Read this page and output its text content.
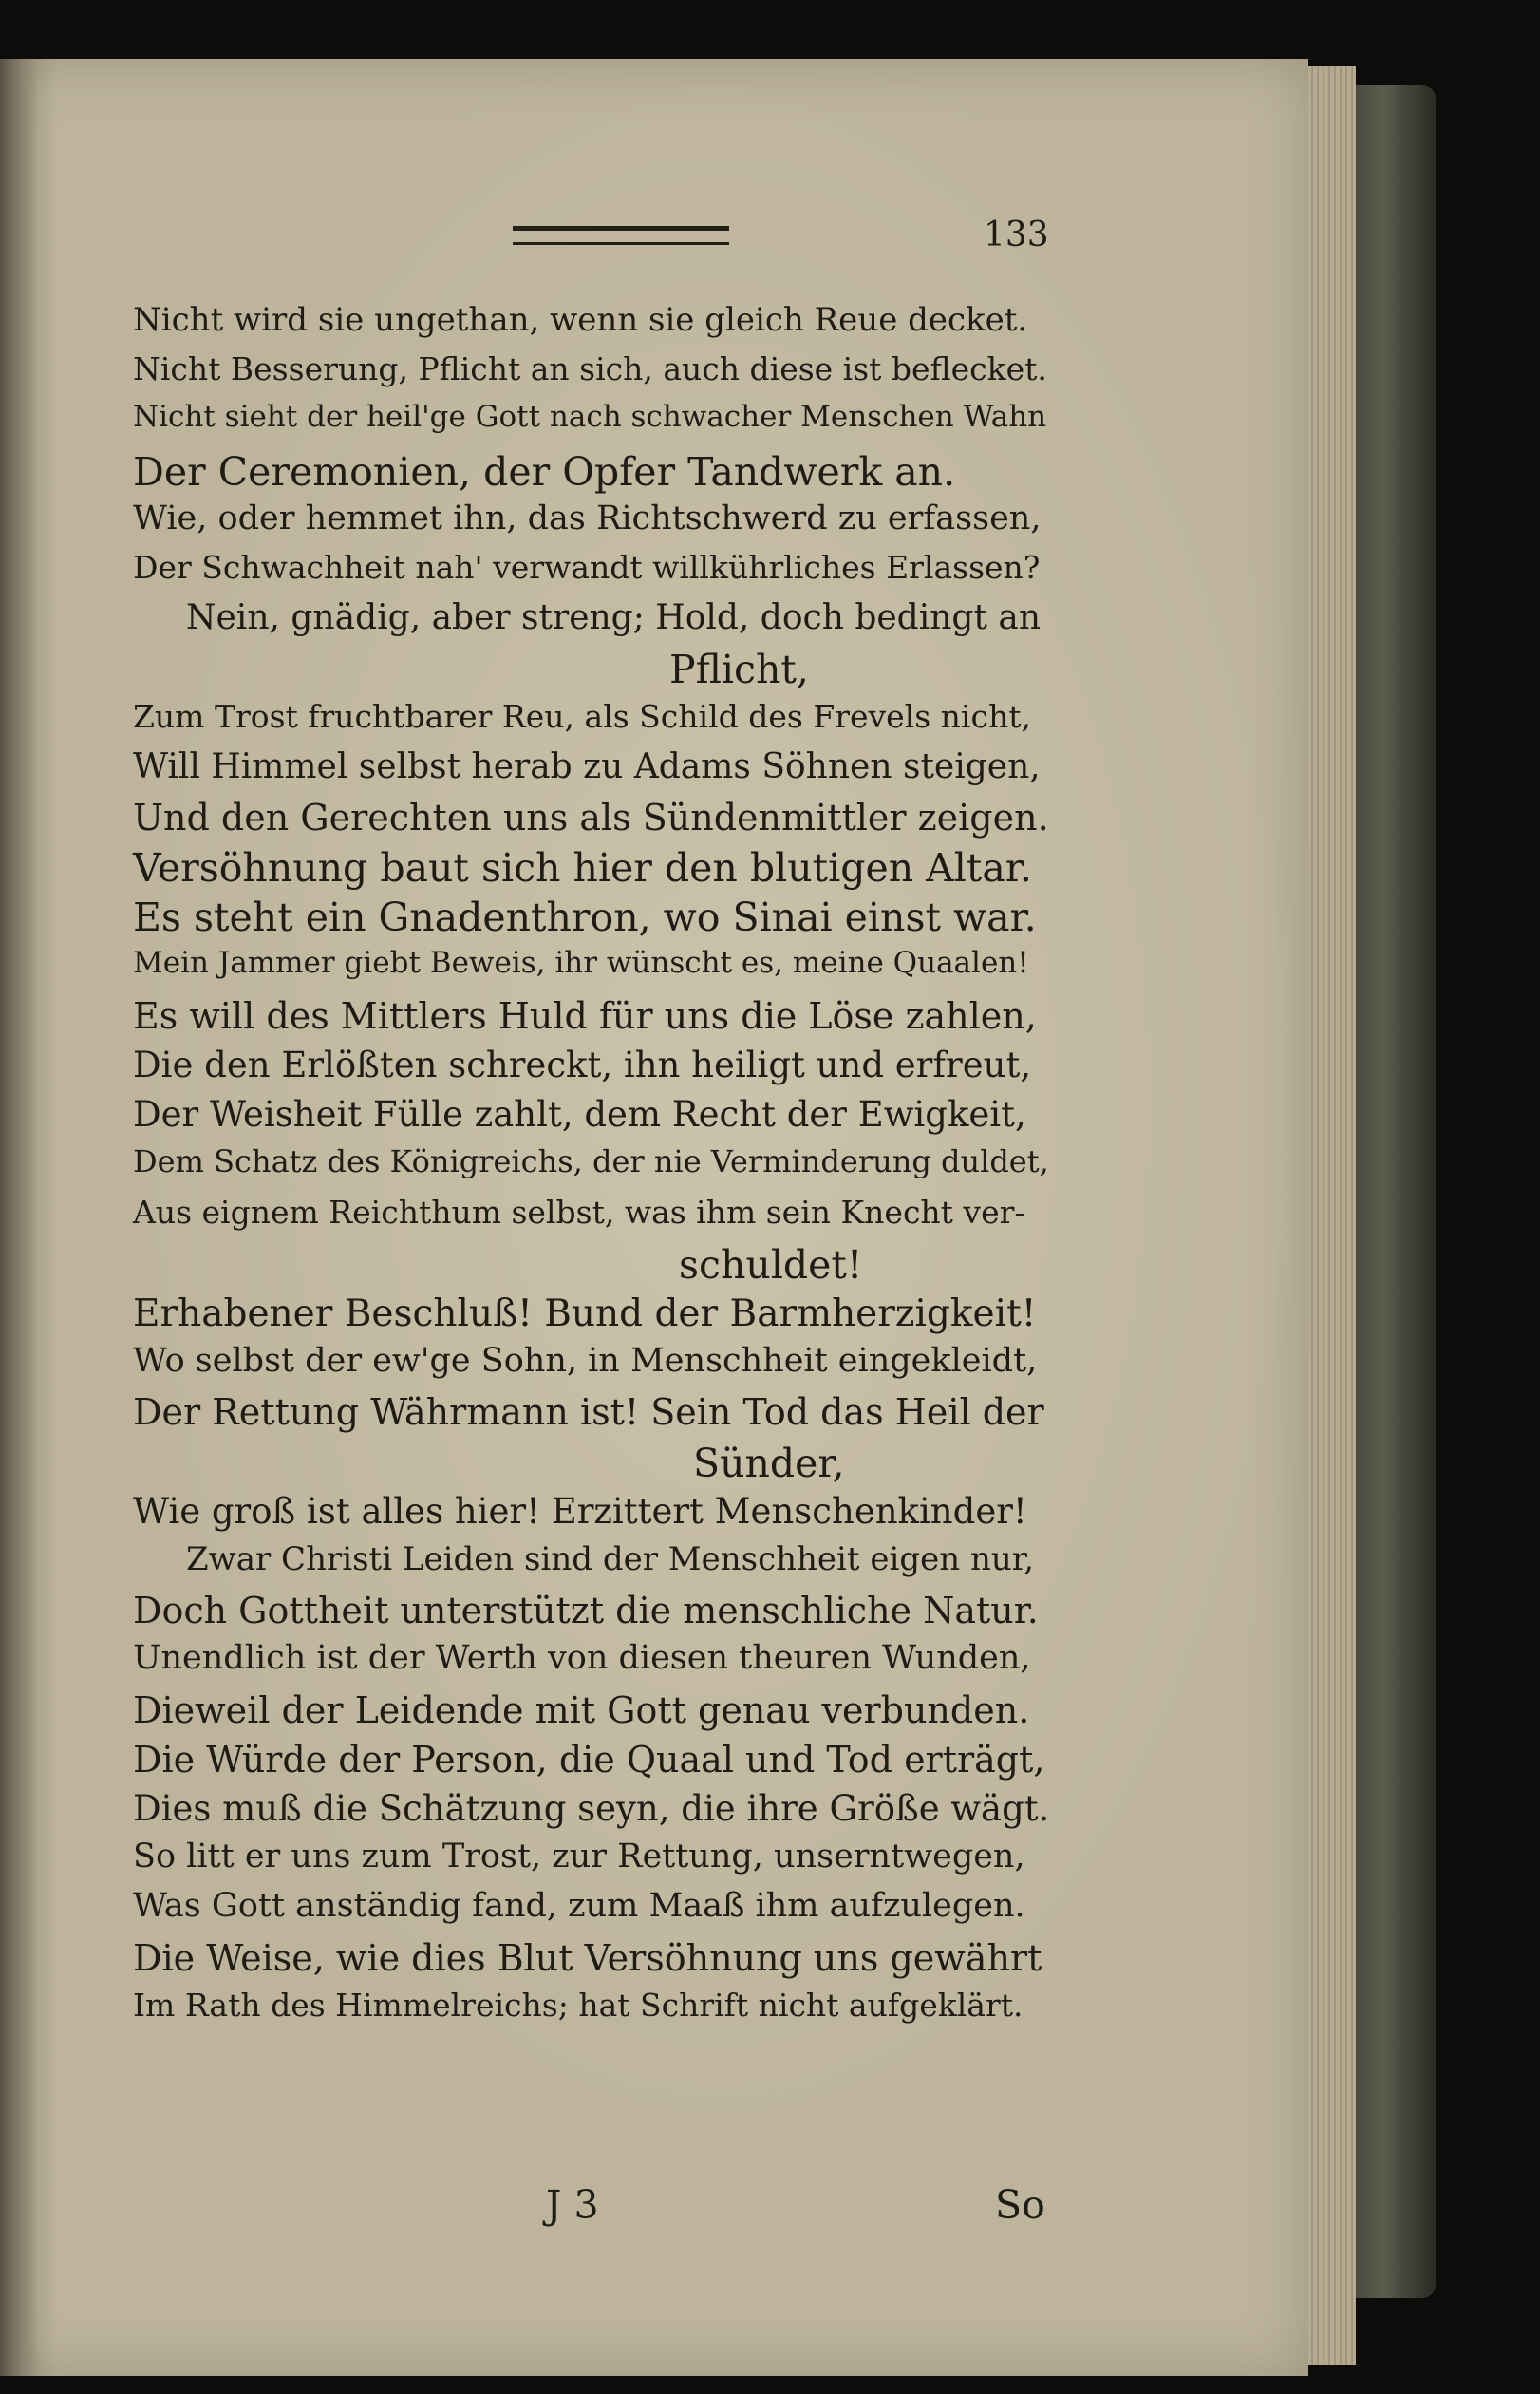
133
Nicht wird sie ungethan, wenn sie gleich Reue decket.
Nicht Besserung, Pflicht an sich, auch diese ist beflecket.
Nicht sieht der heil'ge Gott nach schwacher Menschen Wahn
Der Ceremonien, der Opfer Tandwerk an.
Wie, oder hemmet ihn, das Richtschwerd zu erfassen,
Der Schwachheit nah' verwandt willkührliches Erlassen?
Nein, gnädig, aber streng; Hold, doch bedingt an
Pflicht,
Zum Trost fruchtbarer Reu, als Schild des Frevels nicht,
Will Himmel selbst herab zu Adams Söhnen steigen,
Und den Gerechten uns als Sündenmittler zeigen.
Versöhnung baut sich hier den blutigen Altar.
Es steht ein Gnadenthron, wo Sinai einst war.
Mein Jammer giebt Beweis, ihr wünscht es, meine Quaalen!
Es will des Mittlers Huld für uns die Löse zahlen,
Die den Erlößten schreckt, ihn heiligt und erfreut,
Der Weisheit Fülle zahlt, dem Recht der Ewigkeit,
Dem Schatz des Königreichs, der nie Verminderung duldet,
Aus eignem Reichthum selbst, was ihm sein Knecht ver-
schuldet!
Erhabener Beschluß! Bund der Barmherzigkeit!
Wo selbst der ew'ge Sohn, in Menschheit eingekleidt,
Der Rettung Währmann ist! Sein Tod das Heil der
Sünder,
Wie groß ist alles hier! Erzittert Menschenkinder!
Zwar Christi Leiden sind der Menschheit eigen nur,
Doch Gottheit unterstützt die menschliche Natur.
Unendlich ist der Werth von diesen theuren Wunden,
Dieweil der Leidende mit Gott genau verbunden.
Die Würde der Person, die Quaal und Tod erträgt,
Dies muß die Schätzung seyn, die ihre Größe wägt.
So litt er uns zum Trost, zur Rettung, unserntwegen,
Was Gott anständig fand, zum Maaß ihm aufzulegen.
Die Weise, wie dies Blut Versöhnung uns gewährt
Im Rath des Himmelreichs; hat Schrift nicht aufgeklärt.
J 3	So
